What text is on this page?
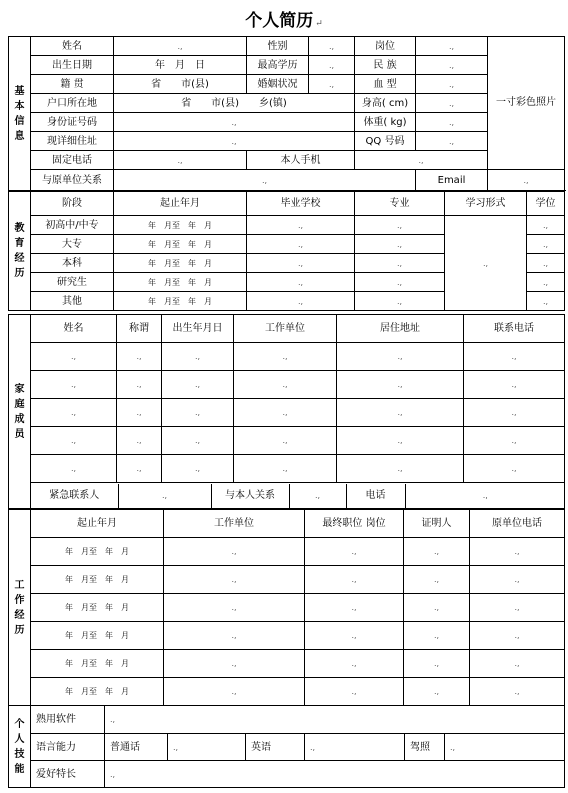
个人简历 ↵
基本信息	姓名	.,	性别	.,	岗位	.,	一寸彩色照片
	出生日期	年　月　日	最高学历	.,	民 族	.,	
	籍 贯	省　　市(县)	婚姻状况	.,	血 型	.,	
	户口所在地	省　　市(县)　　乡(镇)			身高( cm)	.,	
	身份证号码	.,			体重( kg)	.,	
	现详细住址	.,			QQ 号码	.,	
	固定电话	.,	本人手机		.,		
	与原单位关系	.,				Email	.,
教育经历	阶段	起止年月	毕业学校	专业	学习形式	学位
	初高中/中专	年　月至　年　月	.,	.,	.,	.,
	大专	年　月至　年　月	.,	.,		.,
	本科	年　月至　年　月	.,	.,		.,
	研究生	年　月至　年　月	.,	.,		.,
	其他	年　月至　年　月	.,	.,		.,
家庭成员	姓名	称谓	出生年月日	工作单位	居住地址	联系电话
.,	.,	.,	.,	.,	.,
.,	.,	.,	.,	.,	.,
.,	.,	.,	.,	.,	.,
.,	.,	.,	.,	.,	.,
.,	.,	.,	.,	.,	.,

紧急联系人	.,	与本人关系	.,	电话	.,
工作经历	起止年月	工作单位	最终职位 岗位	证明人	原单位电话
	年　月至　年　月	.,	.,	.,	.,
	年　月至　年　月	.,	.,	.,	.,
	年　月至　年　月	.,	.,	.,	.,
	年　月至　年　月	.,	.,	.,	.,
	年　月至　年　月	.,	.,	.,	.,
	年　月至　年　月	.,	.,	.,	.,
个人技能	熟用软件	.,					
	语言能力	普通话	.,	英语	.,	驾照	.,
	爱好特长	.,					
